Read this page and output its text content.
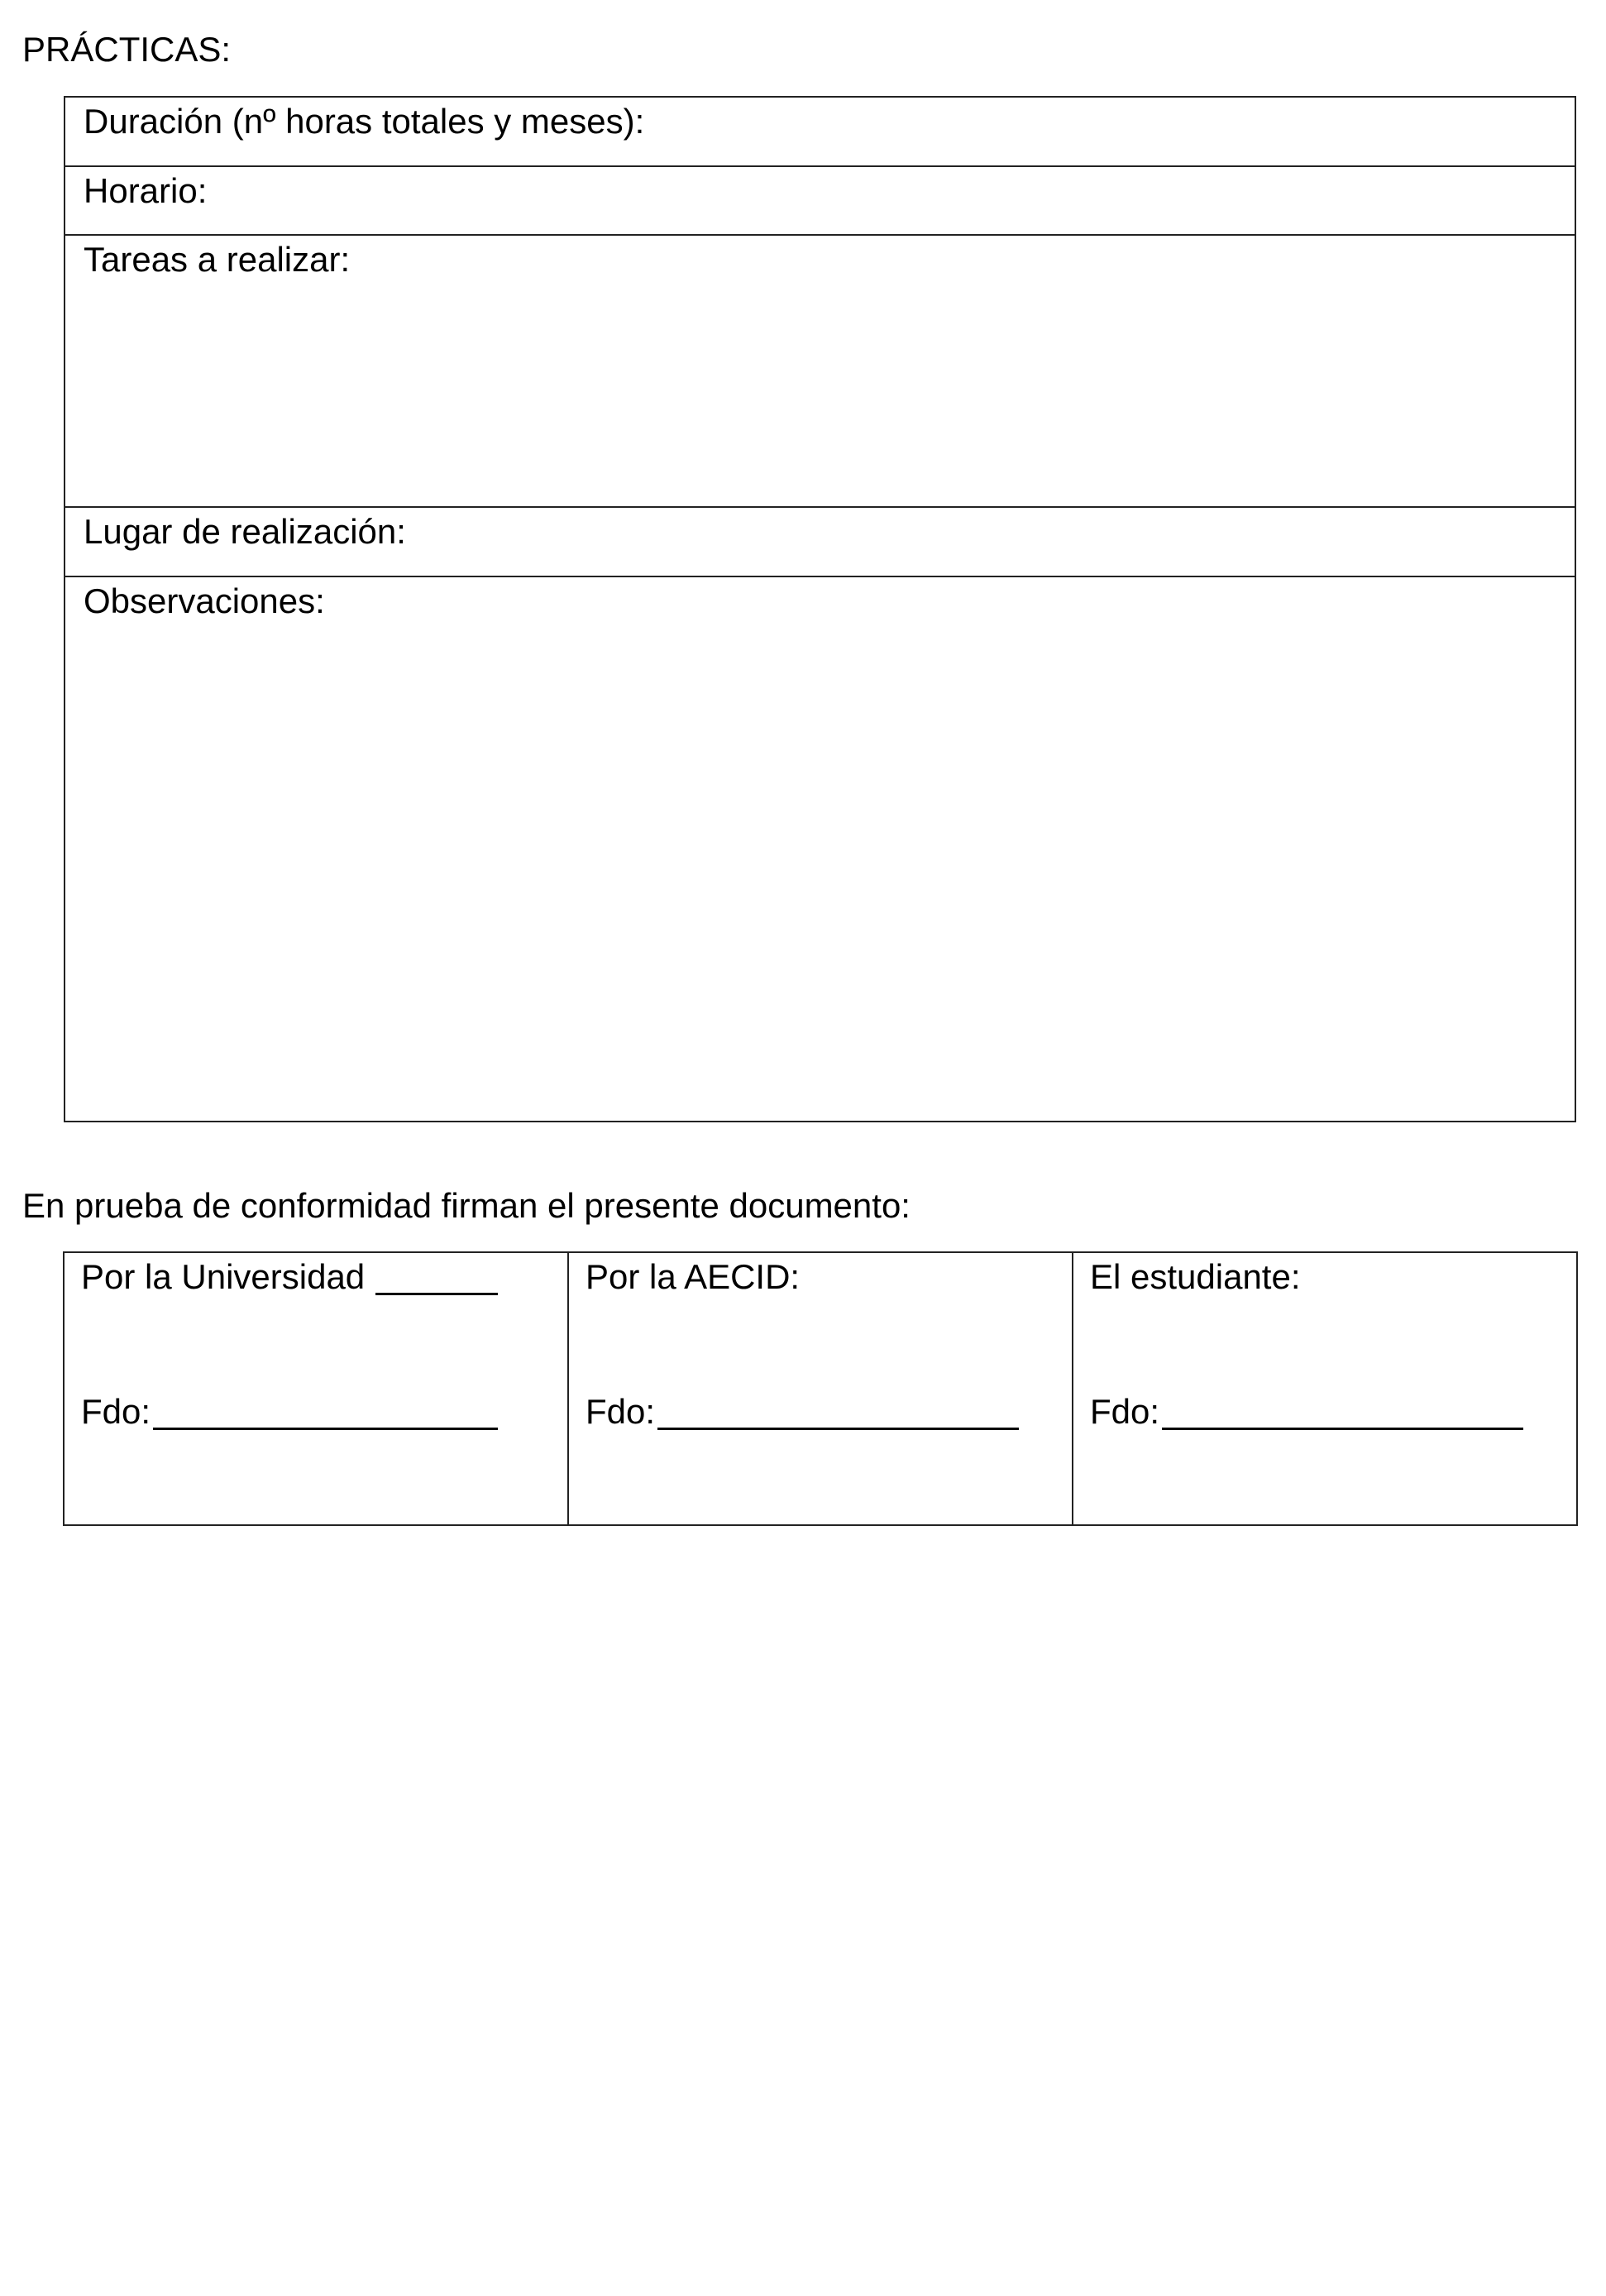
PRÁCTICAS:
Duración (nº horas totales y meses):
Horario:
Tareas a realizar:
Lugar de realización:
Observaciones:
En prueba de conformidad firman el presente documento:
Por la Universidad
Fdo:
Por la AECID:
Fdo:
El estudiante:
Fdo:
